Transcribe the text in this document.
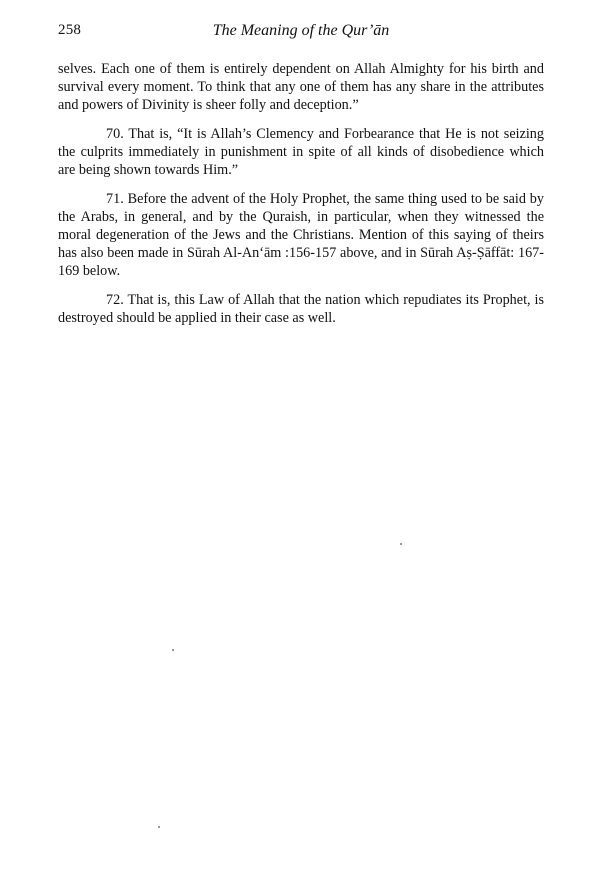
258	The Meaning of the Qur’ān

selves. Each one of them is entirely dependent on Allah Almighty for his birth and survival every moment. To think that any one of them has any share in the attributes and powers of Divinity is sheer folly and deception.”

70. That is, “It is Allah’s Clemency and Forbearance that He is not seizing the culprits immediately in punishment in spite of all kinds of disobedience which are being shown towards Him.”

71. Before the advent of the Holy Prophet, the same thing used to be said by the Arabs, in general, and by the Quraish, in particular, when they witnessed the moral degeneration of the Jews and the Christians. Mention of this saying of theirs has also been made in Sūrah Al-An‘ām :156-157 above, and in Sūrah Aṣ-Ṣāffāt: 167-169 below.

72. That is, this Law of Allah that the nation which repudiates its Prophet, is destroyed should be applied in their case as well.
